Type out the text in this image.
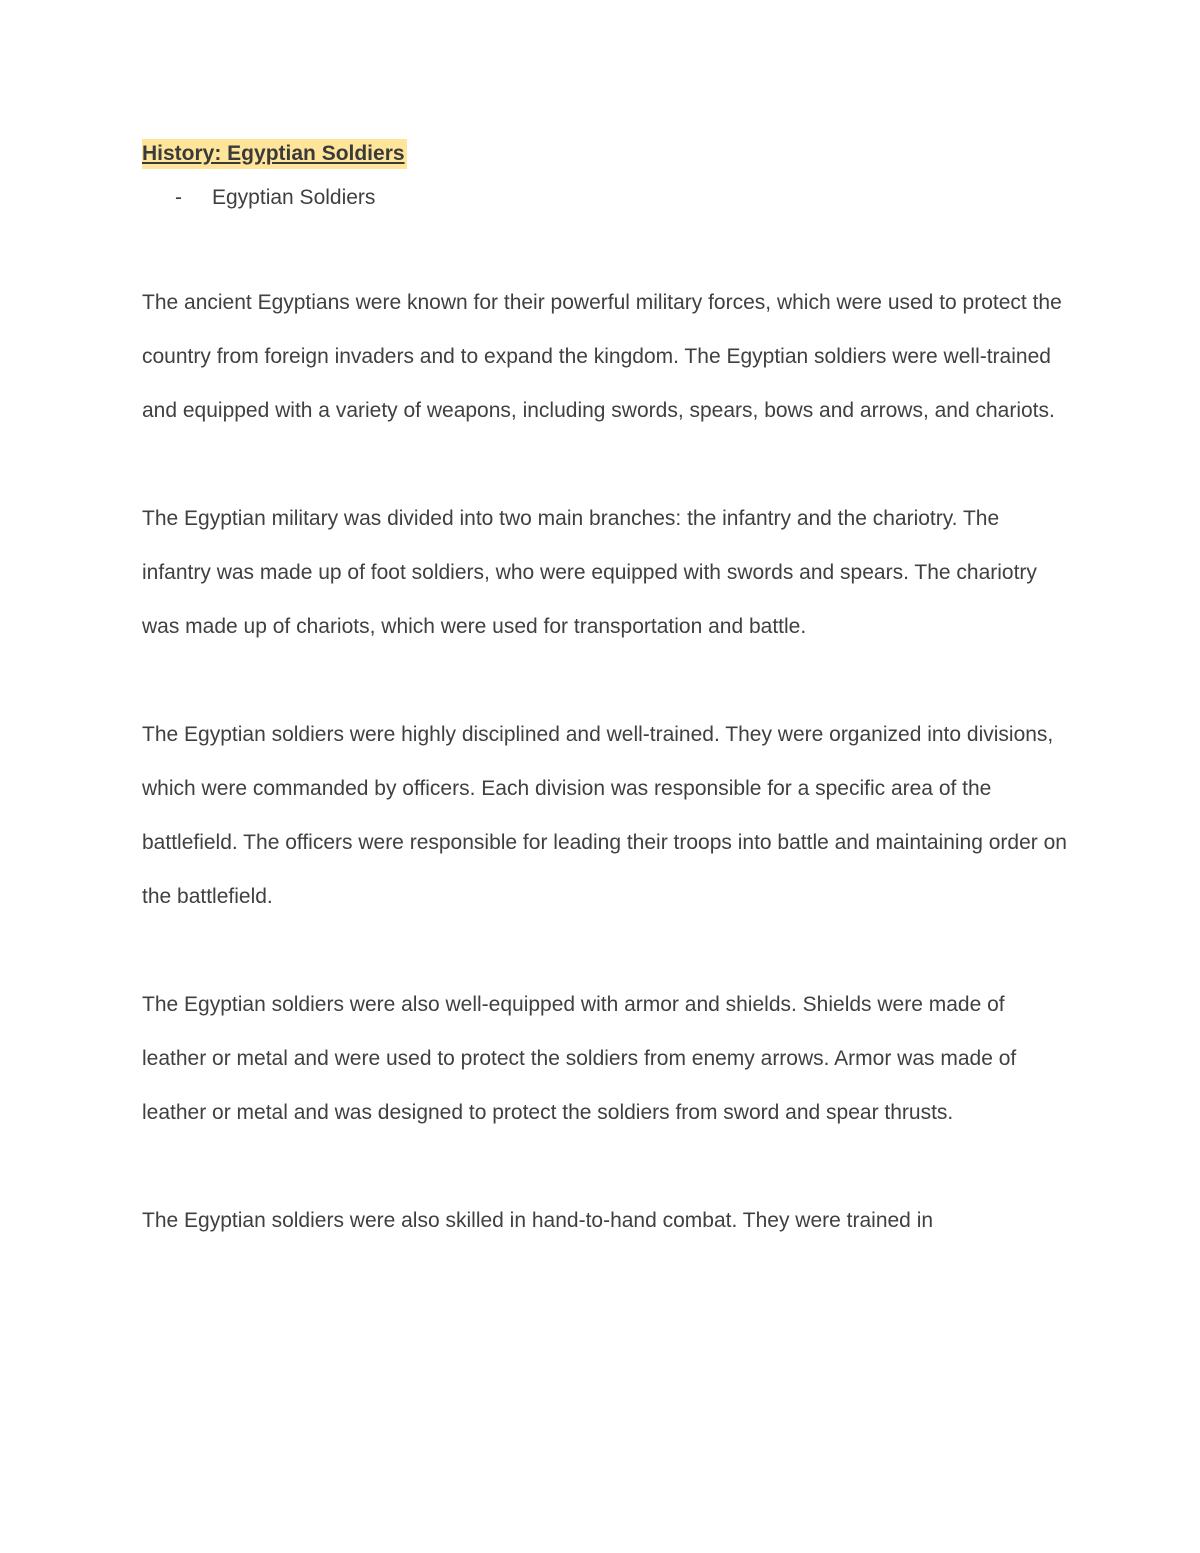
History: Egyptian Soldiers
- Egyptian Soldiers

The ancient Egyptians were known for their powerful military forces, which were used to protect the country from foreign invaders and to expand the kingdom. The Egyptian soldiers were well-trained and equipped with a variety of weapons, including swords, spears, bows and arrows, and chariots.

The Egyptian military was divided into two main branches: the infantry and the chariotry. The infantry was made up of foot soldiers, who were equipped with swords and spears. The chariotry was made up of chariots, which were used for transportation and battle.

The Egyptian soldiers were highly disciplined and well-trained. They were organized into divisions, which were commanded by officers. Each division was responsible for a specific area of the battlefield. The officers were responsible for leading their troops into battle and maintaining order on the battlefield.

The Egyptian soldiers were also well-equipped with armor and shields. Shields were made of leather or metal and were used to protect the soldiers from enemy arrows. Armor was made of leather or metal and was designed to protect the soldiers from sword and spear thrusts.

The Egyptian soldiers were also skilled in hand-to-hand combat. They were trained in
